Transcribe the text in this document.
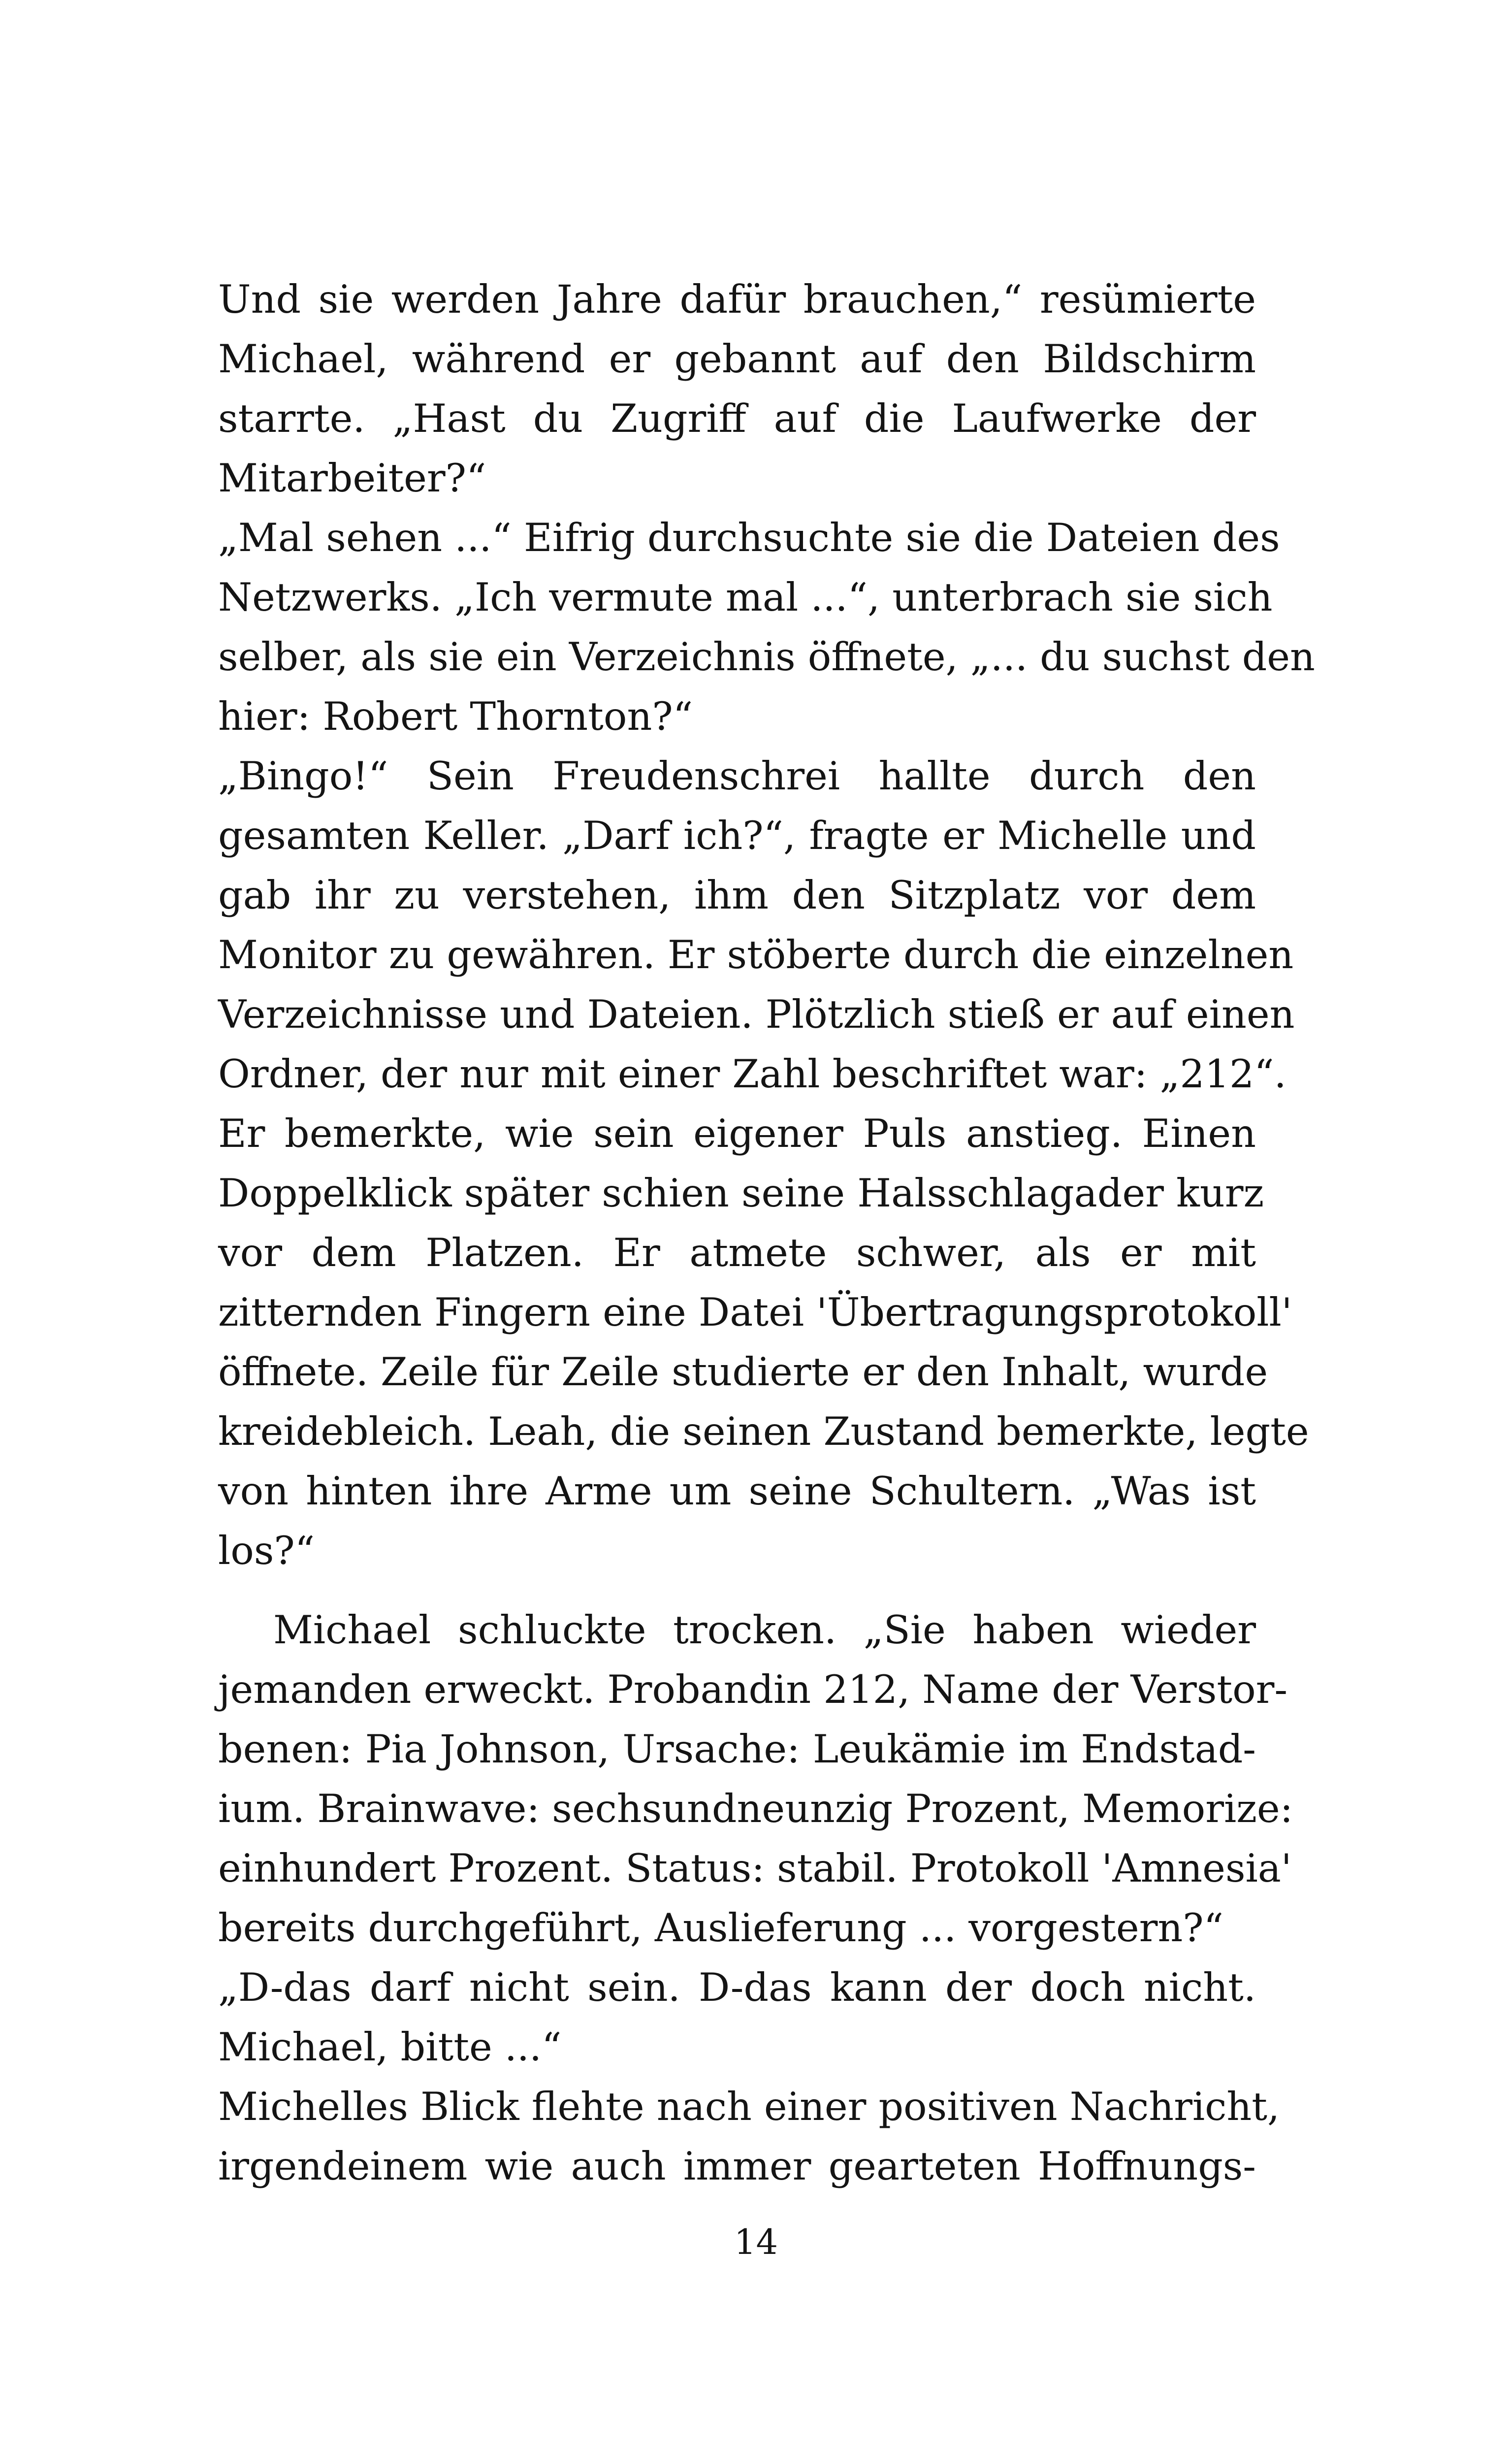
Und sie werden Jahre dafür brauchen,“ resümierte
Michael, während er gebannt auf den Bildschirm
starrte. „Hast du Zugriff auf die Laufwerke der
Mitarbeiter?“
„Mal sehen ...“ Eifrig durchsuchte sie die Dateien des
Netzwerks. „Ich vermute mal ...“, unterbrach sie sich
selber, als sie ein Verzeichnis öffnete, „... du suchst den
hier: Robert Thornton?“
„Bingo!“ Sein Freudenschrei hallte durch den
gesamten Keller. „Darf ich?“, fragte er Michelle und
gab ihr zu verstehen, ihm den Sitzplatz vor dem
Monitor zu gewähren. Er stöberte durch die einzelnen
Verzeichnisse und Dateien. Plötzlich stieß er auf einen
Ordner, der nur mit einer Zahl beschriftet war: „212“.
Er bemerkte, wie sein eigener Puls anstieg. Einen
Doppelklick später schien seine Halsschlagader kurz
vor dem Platzen. Er atmete schwer, als er mit
zitternden Fingern eine Datei 'Übertragungsprotokoll'
öffnete. Zeile für Zeile studierte er den Inhalt, wurde
kreidebleich. Leah, die seinen Zustand bemerkte, legte
von hinten ihre Arme um seine Schultern. „Was ist
los?“
Michael schluckte trocken. „Sie haben wieder
jemanden erweckt. Probandin 212, Name der Verstor-
benen: Pia Johnson, Ursache: Leukämie im Endstad-
ium. Brainwave: sechsundneunzig Prozent, Memorize:
einhundert Prozent. Status: stabil. Protokoll 'Amnesia'
bereits durchgeführt, Auslieferung ... vorgestern?“
„D-das darf nicht sein. D-das kann der doch nicht.
Michael, bitte ...“
Michelles Blick flehte nach einer positiven Nachricht,
irgendeinem wie auch immer gearteten Hoffnungs-
14
